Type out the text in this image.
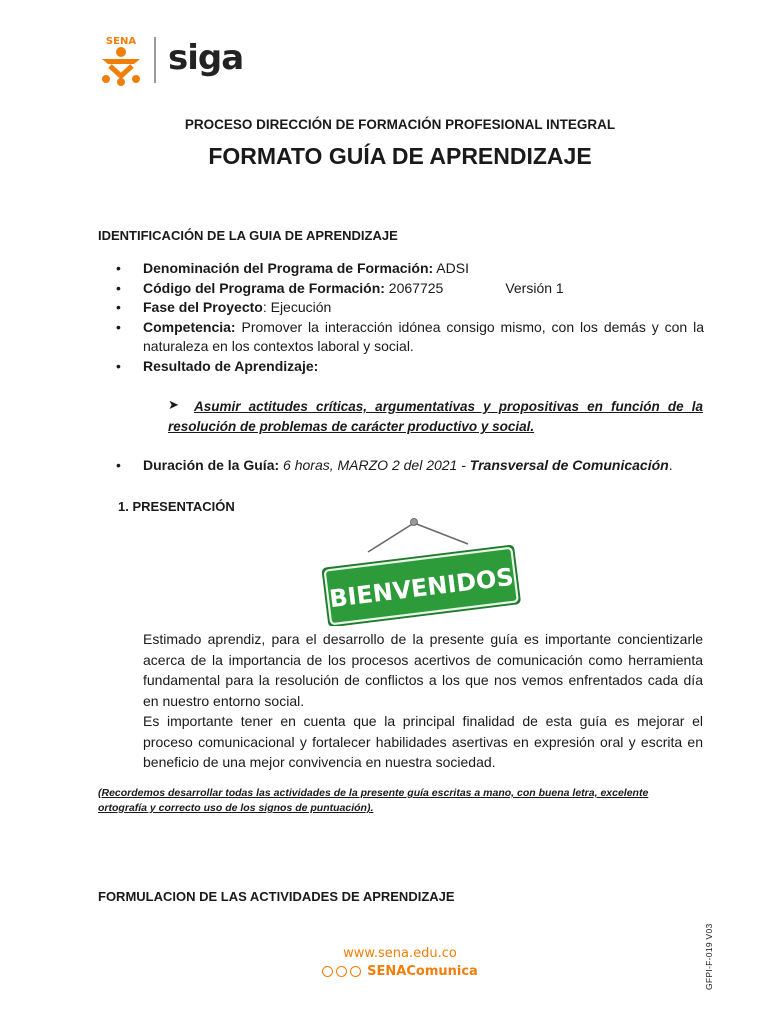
SENA siga
PROCESO DIRECCIÓN DE FORMACIÓN PROFESIONAL INTEGRAL
FORMATO GUÍA DE APRENDIZAJE
IDENTIFICACIÓN DE LA GUIA DE APRENDIZAJE
• Denominación del Programa de Formación: ADSI
• Código del Programa de Formación: 2067725	Versión 1
• Fase del Proyecto: Ejecución
• Competencia: Promover la interacción idónea consigo mismo, con los demás y con la naturaleza en los contextos laboral y social.
• Resultado de Aprendizaje:
➤	Asumir actitudes críticas, argumentativas y propositivas en función de la resolución de problemas de carácter productivo y social.
• Duración de la Guía: 6 horas, MARZO 2 del 2021 - Transversal de Comunicación.
1. PRESENTACIÓN
BIENVENIDOS
Estimado aprendiz, para el desarrollo de la presente guía es importante concientizarle acerca de la importancia de los procesos acertivos de comunicación como herramienta fundamental para la resolución de conflictos a los que nos vemos enfrentados cada día en nuestro entorno social.
Es importante tener en cuenta que la principal finalidad de esta guía es mejorar el proceso comunicacional y fortalecer habilidades asertivas en expresión oral y escrita en beneficio de una mejor convivencia en nuestra sociedad.
(Recordemos desarrollar todas las actividades de la presente guía escritas a mano, con buena letra, excelente ortografía y correcto uso de los signos de puntuación).
FORMULACION DE LAS ACTIVIDADES DE APRENDIZAJE
www.sena.edu.co
SENAComunica	GFPI-F-019 V03
